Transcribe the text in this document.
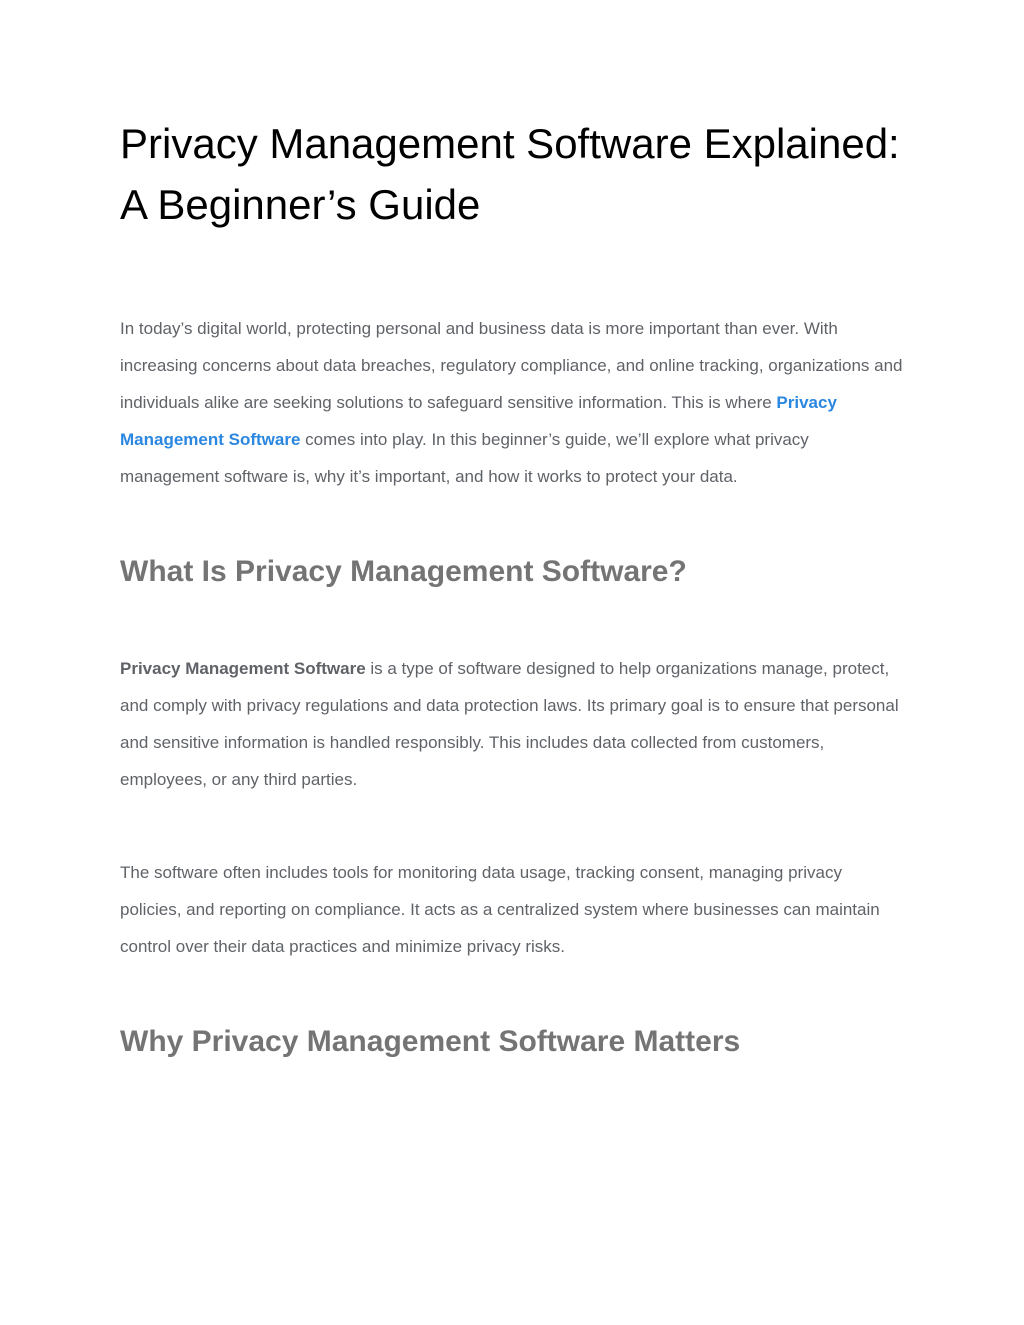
Privacy Management Software Explained: A Beginner’s Guide

In today’s digital world, protecting personal and business data is more important than ever. With increasing concerns about data breaches, regulatory compliance, and online tracking, organizations and individuals alike are seeking solutions to safeguard sensitive information. This is where Privacy Management Software comes into play. In this beginner’s guide, we’ll explore what privacy management software is, why it’s important, and how it works to protect your data.

What Is Privacy Management Software?

Privacy Management Software is a type of software designed to help organizations manage, protect, and comply with privacy regulations and data protection laws. Its primary goal is to ensure that personal and sensitive information is handled responsibly. This includes data collected from customers, employees, or any third parties.

The software often includes tools for monitoring data usage, tracking consent, managing privacy policies, and reporting on compliance. It acts as a centralized system where businesses can maintain control over their data practices and minimize privacy risks.

Why Privacy Management Software Matters
